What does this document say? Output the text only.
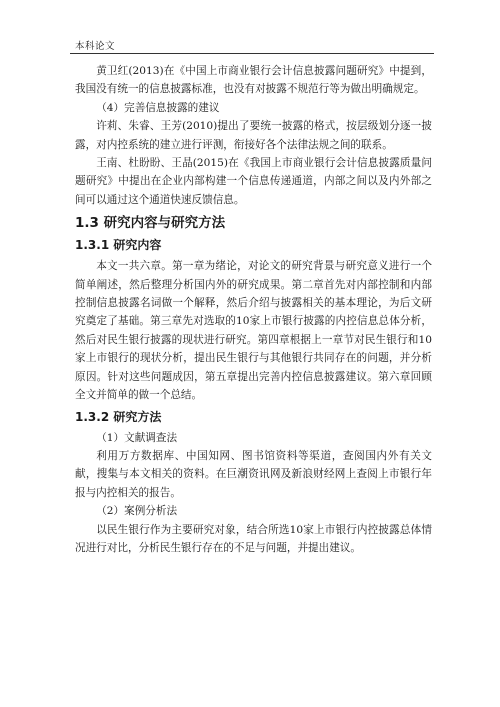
本科论文

黄卫红(2013)在《中国上市商业银行会计信息披露问题研究》中提到，我国没有统一的信息披露标准，也没有对披露不规范行等为做出明确规定。

（4）完善信息披露的建议

许莉、朱睿、王芳(2010)提出了要统一披露的格式，按层级划分逐一披露，对内控系统的建立进行评测，衔接好各个法律法规之间的联系。

王南、杜盼盼、王晶(2015)在《我国上市商业银行会计信息披露质量问题研究》中提出在企业内部构建一个信息传递通道，内部之间以及内外部之间可以通过这个通道快速反馈信息。

1.3 研究内容与研究方法
1.3.1 研究内容

本文一共六章。第一章为绪论，对论文的研究背景与研究意义进行一个简单阐述，然后整理分析国内外的研究成果。第二章首先对内部控制和内部控制信息披露名词做一个解释，然后介绍与披露相关的基本理论，为后文研究奠定了基础。第三章先对选取的10家上市银行披露的内控信息总体分析，然后对民生银行披露的现状进行研究。第四章根据上一章节对民生银行和10家上市银行的现状分析，提出民生银行与其他银行共同存在的问题，并分析原因。针对这些问题成因，第五章提出完善内控信息披露建议。第六章回顾全文并简单的做一个总结。

1.3.2 研究方法

（1）文献调查法

利用万方数据库、中国知网、图书馆资料等渠道，查阅国内外有关文献，搜集与本文相关的资料。在巨潮资讯网及新浪财经网上查阅上市银行年报与内控相关的报告。

（2）案例分析法

以民生银行作为主要研究对象，结合所选10家上市银行内控披露总体情况进行对比，分析民生银行存在的不足与问题，并提出建议。
